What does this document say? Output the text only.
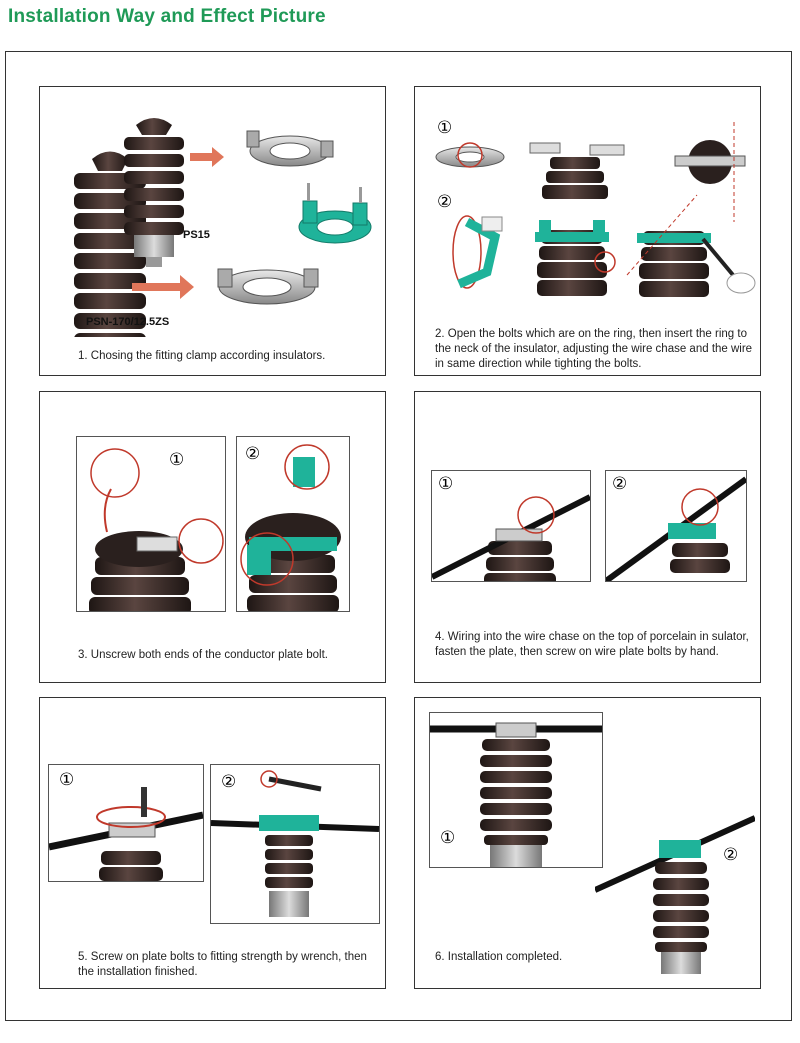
Installation Way and Effect Picture
PS15
PSN-170/12.5ZS
1. Chosing the fitting clamp according insulators.
①
②
2. Open the bolts which are on the ring, then insert the ring to the neck of the insulator, adjusting the wire chase and the wire in same direction while tighting the bolts.
①	②
3. Unscrew both ends of the conductor plate bolt.
①	②
4. Wiring into the wire chase on the top of porcelain in sulator, fasten the plate, then screw on wire plate bolts by hand.
①	②
5. Screw on plate bolts to fitting strength by wrench, then the installation finished.
①
②
6. Installation completed.
